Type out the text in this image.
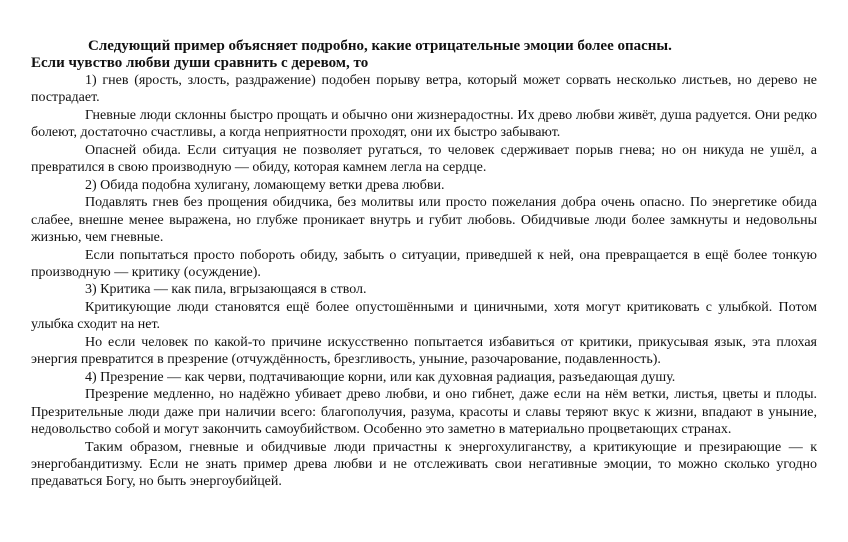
Следующий пример объясняет подробно, какие отрицательные эмоции более опасны.

Если чувство любви души сравнить с деревом, то

1) гнев (ярость, злость, раздражение) подобен порыву ветра, который может сорвать несколько листьев, но дерево не пострадает.

Гневные люди склонны быстро прощать и обычно они жизнерадостны. Их древо любви живёт, душа радуется. Они редко болеют, достаточно счастливы, а когда неприятности проходят, они их быстро забывают.

Опасней обида. Если ситуация не позволяет ругаться, то человек сдерживает порыв гнева; но он никуда не ушёл, а превратился в свою производную — обиду, которая камнем легла на сердце.

2) Обида подобна хулигану, ломающему ветки древа любви.

Подавлять гнев без прощения обидчика, без молитвы или просто пожелания добра очень опасно. По энергетике обида слабее, внешне менее выражена, но глубже проникает внутрь и губит любовь. Обидчивые люди более замкнуты и недовольны жизнью, чем гневные.

Если попытаться просто побороть обиду, забыть о ситуации, приведшей к ней, она превращается в ещё более тонкую производную — критику (осуждение).

3) Критика — как пила, вгрызающаяся в ствол.

Критикующие люди становятся ещё более опустошёнными и циничными, хотя могут критиковать с улыбкой. Потом улыбка сходит на нет.

Но если человек по какой-то причине искусственно попытается избавиться от критики, прикусывая язык, эта плохая энергия превратится в презрение (отчуждённость, брезгливость, уныние, разочарование, подавленность).

4) Презрение — как черви, подтачивающие корни, или как духовная радиация, разъедающая душу.

Презрение медленно, но надёжно убивает древо любви, и оно гибнет, даже если на нём ветки, листья, цветы и плоды. Презрительные люди даже при наличии всего: благополучия, разума, красоты и славы теряют вкус к жизни, впадают в уныние, недовольство собой и могут закончить самоубийством. Особенно это заметно в материально процветающих странах.

Таким образом, гневные и обидчивые люди причастны к энергохулиганству, а критикующие и презирающие — к энергобандитизму. Если не знать пример древа любви и не отслеживать свои негативные эмоции, то можно сколько угодно предаваться Богу, но быть энергоубийцей.
